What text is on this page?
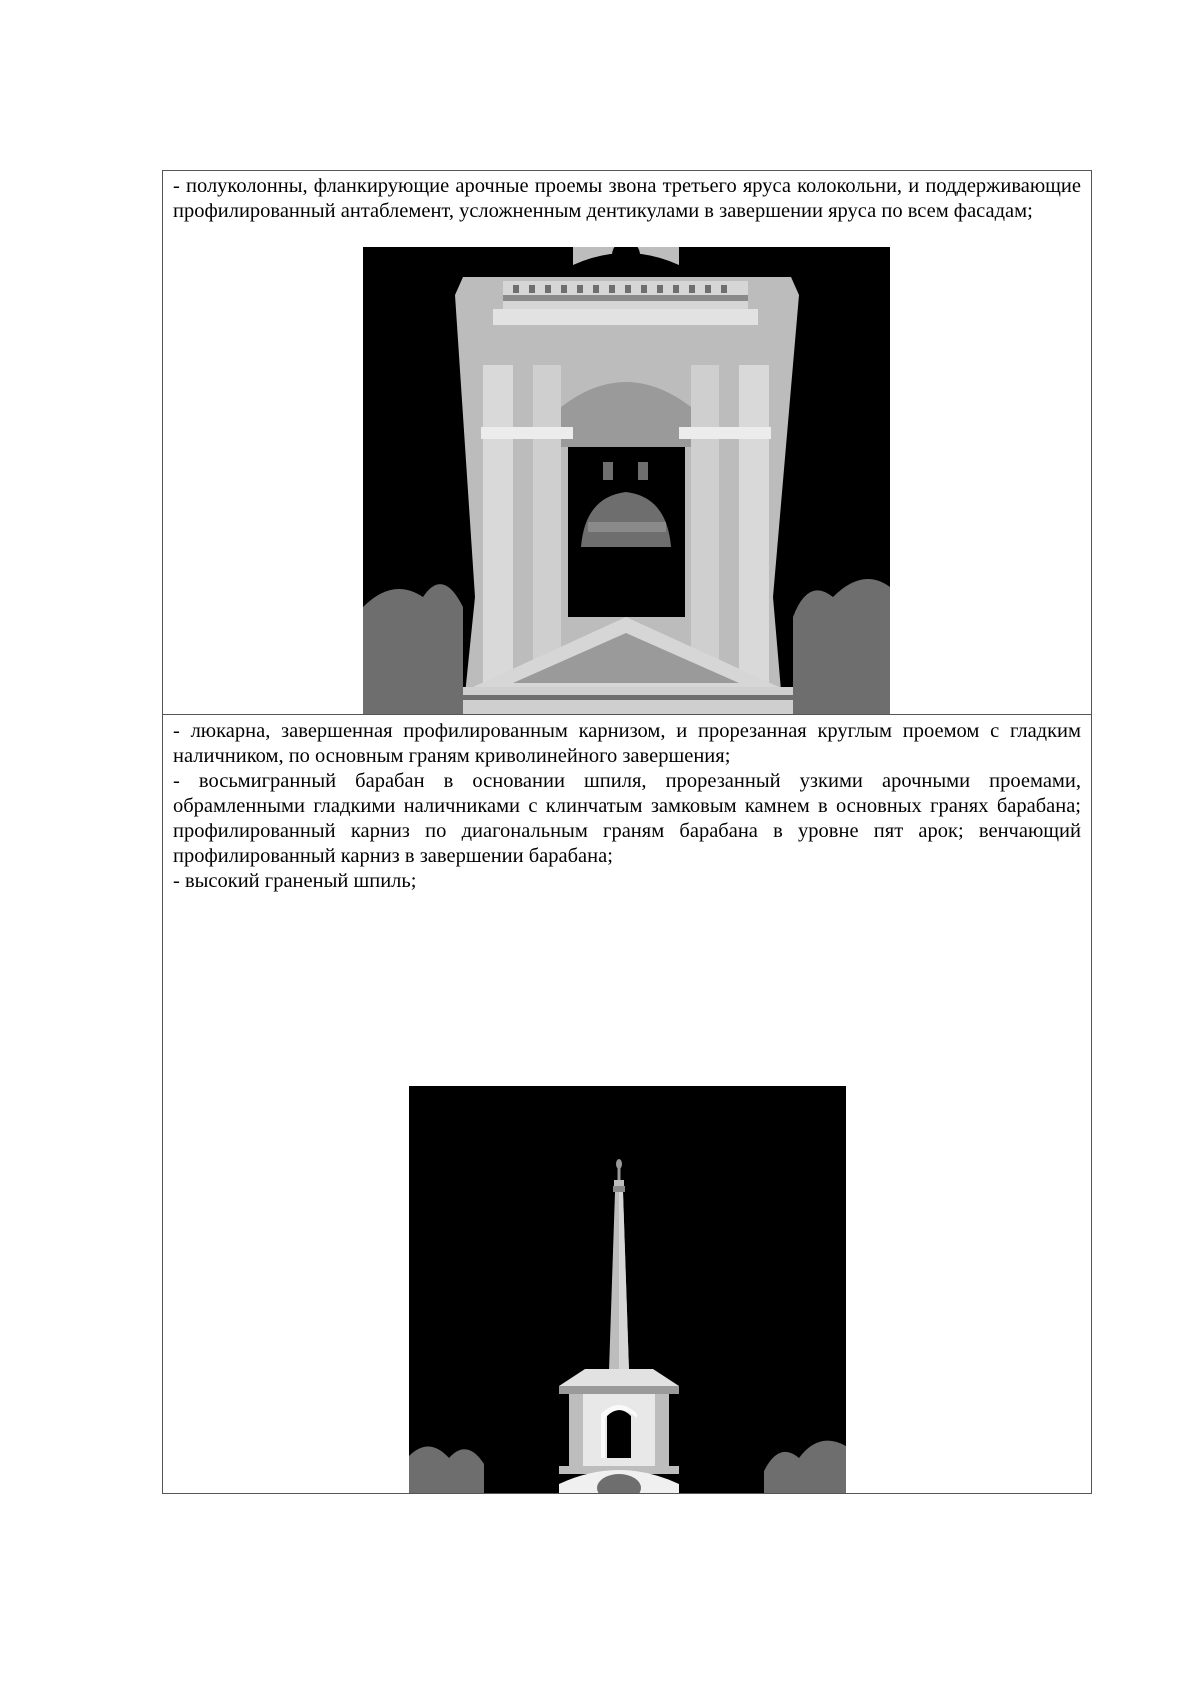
- полуколонны, фланкирующие арочные проемы звона третьего яруса колокольни, и поддерживающие профилированный антаблемент, усложненным дентикулами в завершении яруса по всем фасадам;

- люкарна, завершенная профилированным карнизом, и прорезанная круглым проемом с гладким наличником, по основным граням криволинейного завершения;

- восьмигранный барабан в основании шпиля, прорезанный узкими арочными проемами, обрамленными гладкими наличниками с клинчатым замковым камнем в основных гранях барабана; профилированный карниз по диагональным граням барабана в уровне пят арок; венчающий профилированный карниз в завершении барабана;

- высокий граненый шпиль;
